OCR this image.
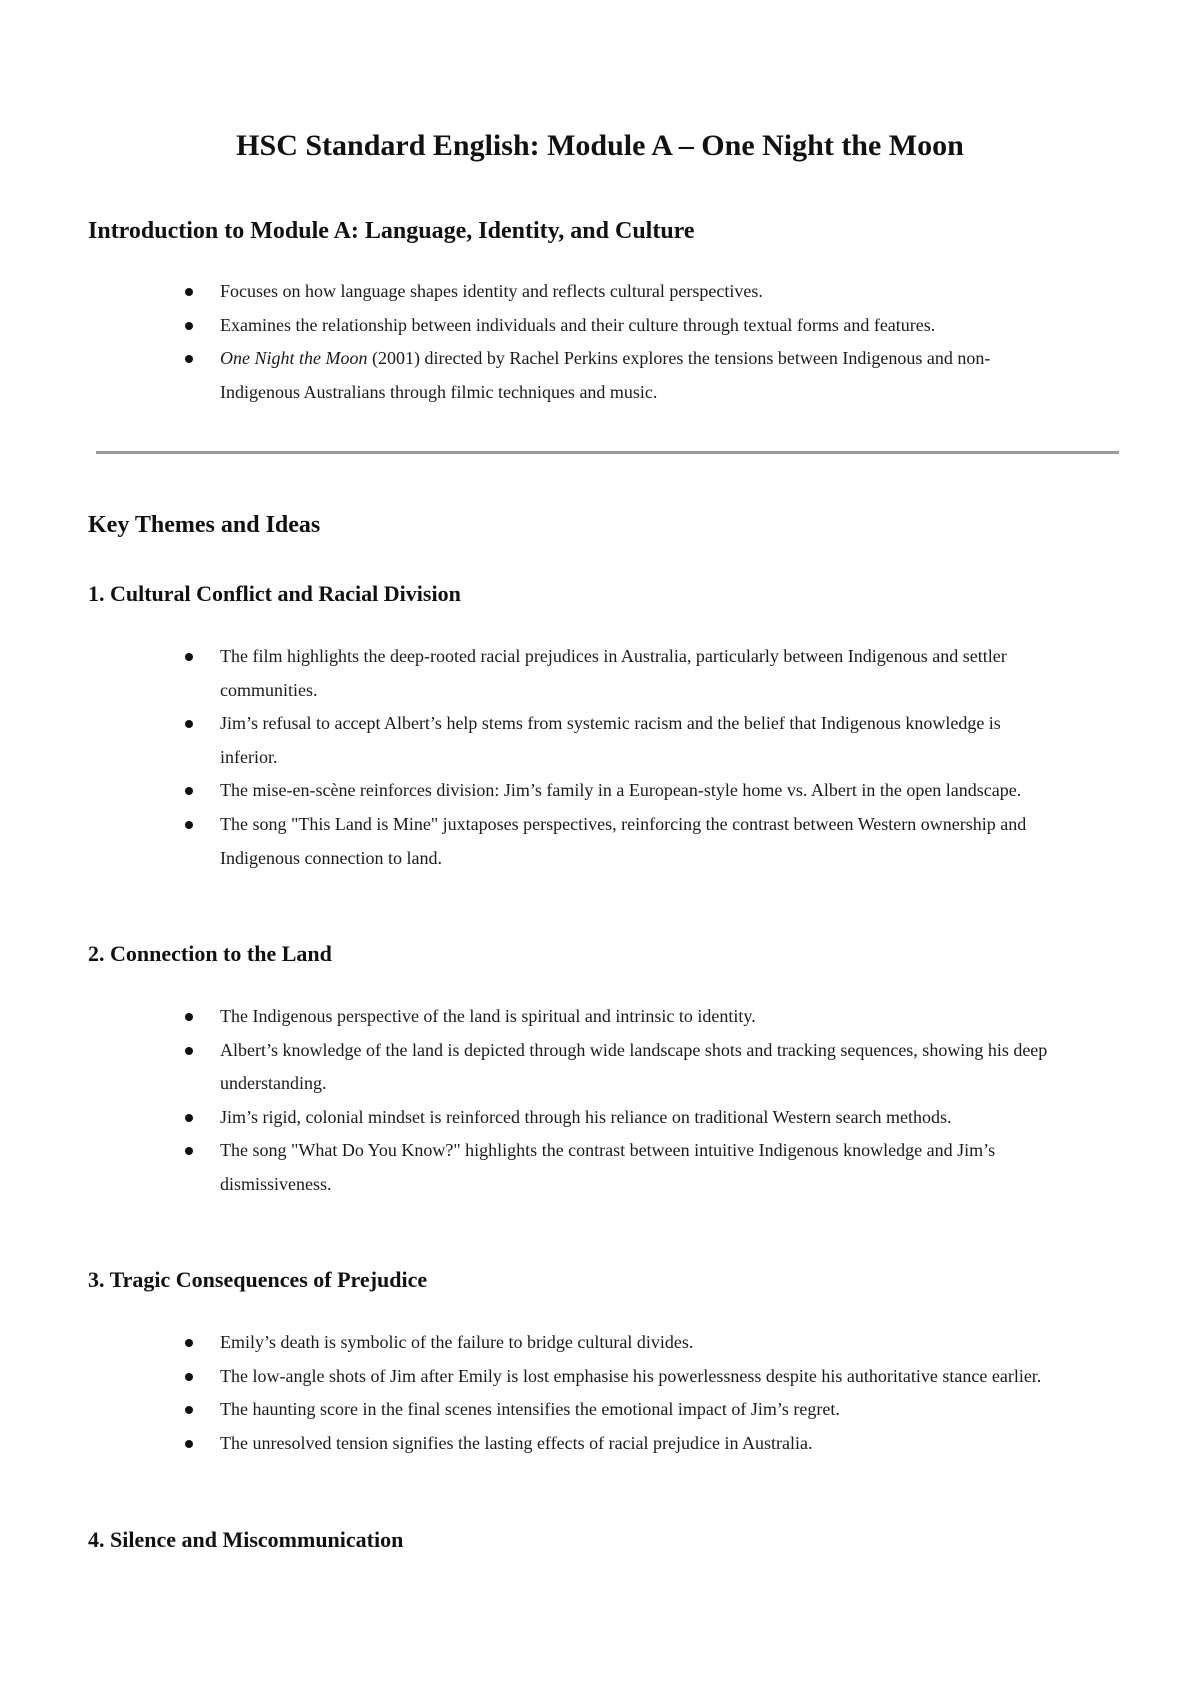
HSC Standard English: Module A – One Night the Moon
Introduction to Module A: Language, Identity, and Culture
Focuses on how language shapes identity and reflects cultural perspectives.
Examines the relationship between individuals and their culture through textual forms and features.
One Night the Moon (2001) directed by Rachel Perkins explores the tensions between Indigenous and non-Indigenous Australians through filmic techniques and music.
Key Themes and Ideas
1. Cultural Conflict and Racial Division
The film highlights the deep-rooted racial prejudices in Australia, particularly between Indigenous and settler communities.
Jim’s refusal to accept Albert’s help stems from systemic racism and the belief that Indigenous knowledge is inferior.
The mise-en-scène reinforces division: Jim’s family in a European-style home vs. Albert in the open landscape.
The song "This Land is Mine" juxtaposes perspectives, reinforcing the contrast between Western ownership and Indigenous connection to land.
2. Connection to the Land
The Indigenous perspective of the land is spiritual and intrinsic to identity.
Albert’s knowledge of the land is depicted through wide landscape shots and tracking sequences, showing his deep understanding.
Jim’s rigid, colonial mindset is reinforced through his reliance on traditional Western search methods.
The song "What Do You Know?" highlights the contrast between intuitive Indigenous knowledge and Jim’s dismissiveness.
3. Tragic Consequences of Prejudice
Emily’s death is symbolic of the failure to bridge cultural divides.
The low-angle shots of Jim after Emily is lost emphasise his powerlessness despite his authoritative stance earlier.
The haunting score in the final scenes intensifies the emotional impact of Jim’s regret.
The unresolved tension signifies the lasting effects of racial prejudice in Australia.
4. Silence and Miscommunication
